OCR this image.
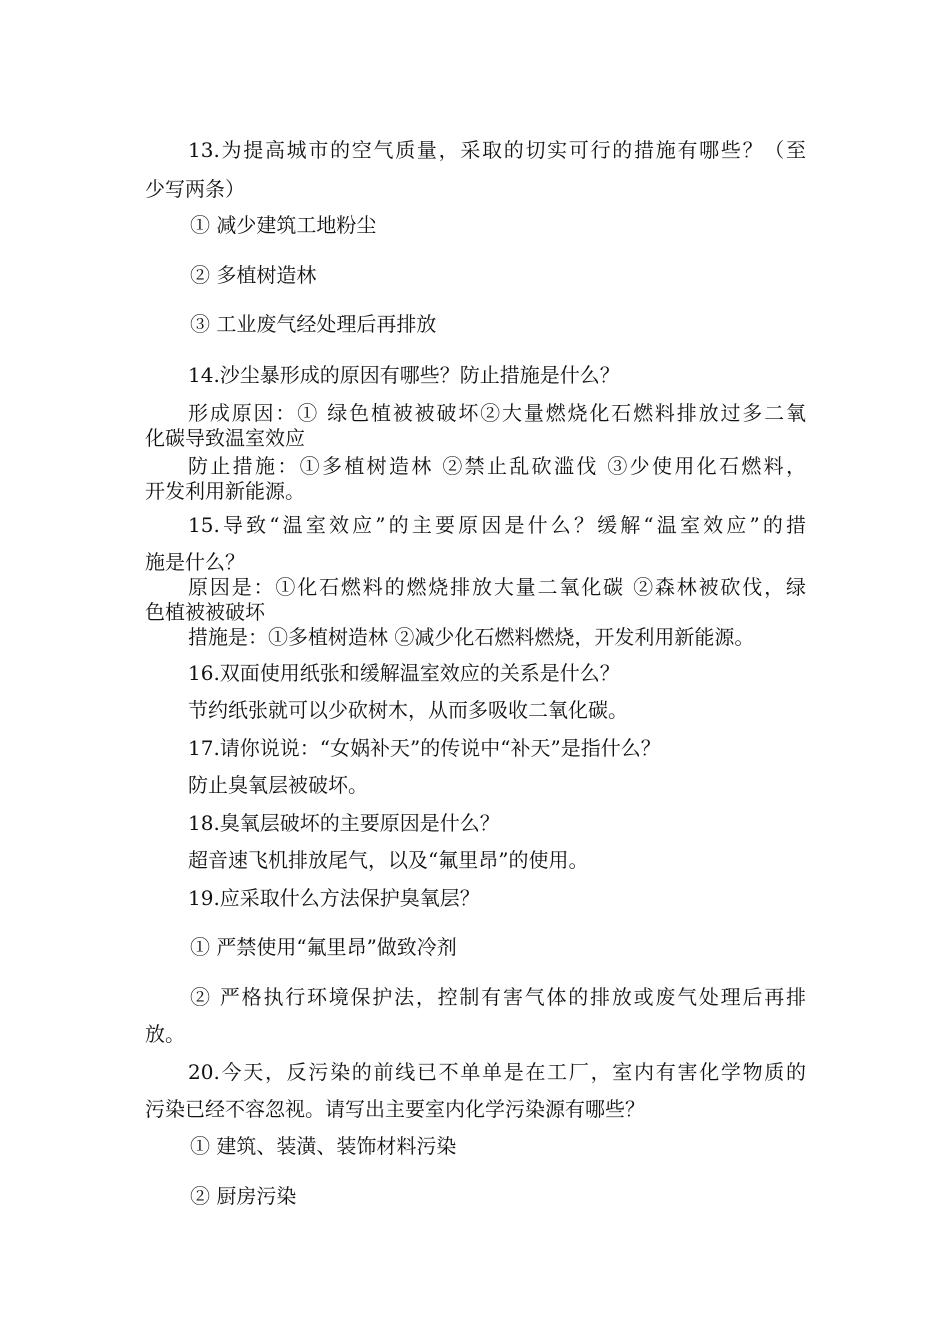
13.为提高城市的空气质量，采取的切实可行的措施有哪些？（至
少写两条）
① 减少建筑工地粉尘
② 多植树造林
③ 工业废气经处理后再排放
14.沙尘暴形成的原因有哪些？防止措施是什么？
形成原因：① 绿色植被被破坏②大量燃烧化石燃料排放过多二氧
化碳导致温室效应
防止措施：①多植树造林 ②禁止乱砍滥伐 ③少使用化石燃料，
开发利用新能源。
15.导致“温室效应”的主要原因是什么？缓解“温室效应”的措
施是什么？
原因是：①化石燃料的燃烧排放大量二氧化碳 ②森林被砍伐，绿
色植被被破坏
措施是：①多植树造林 ②减少化石燃料燃烧，开发利用新能源。
16.双面使用纸张和缓解温室效应的关系是什么？
节约纸张就可以少砍树木，从而多吸收二氧化碳。
17.请你说说：“女娲补天”的传说中“补天”是指什么？
防止臭氧层被破坏。
18.臭氧层破坏的主要原因是什么？
超音速飞机排放尾气，以及“氟里昂”的使用。
19.应采取什么方法保护臭氧层？
① 严禁使用“氟里昂”做致冷剂
② 严格执行环境保护法，控制有害气体的排放或废气处理后再排
放。
20.今天，反污染的前线已不单单是在工厂，室内有害化学物质的
污染已经不容忽视。请写出主要室内化学污染源有哪些？
① 建筑、装潢、装饰材料污染
② 厨房污染
